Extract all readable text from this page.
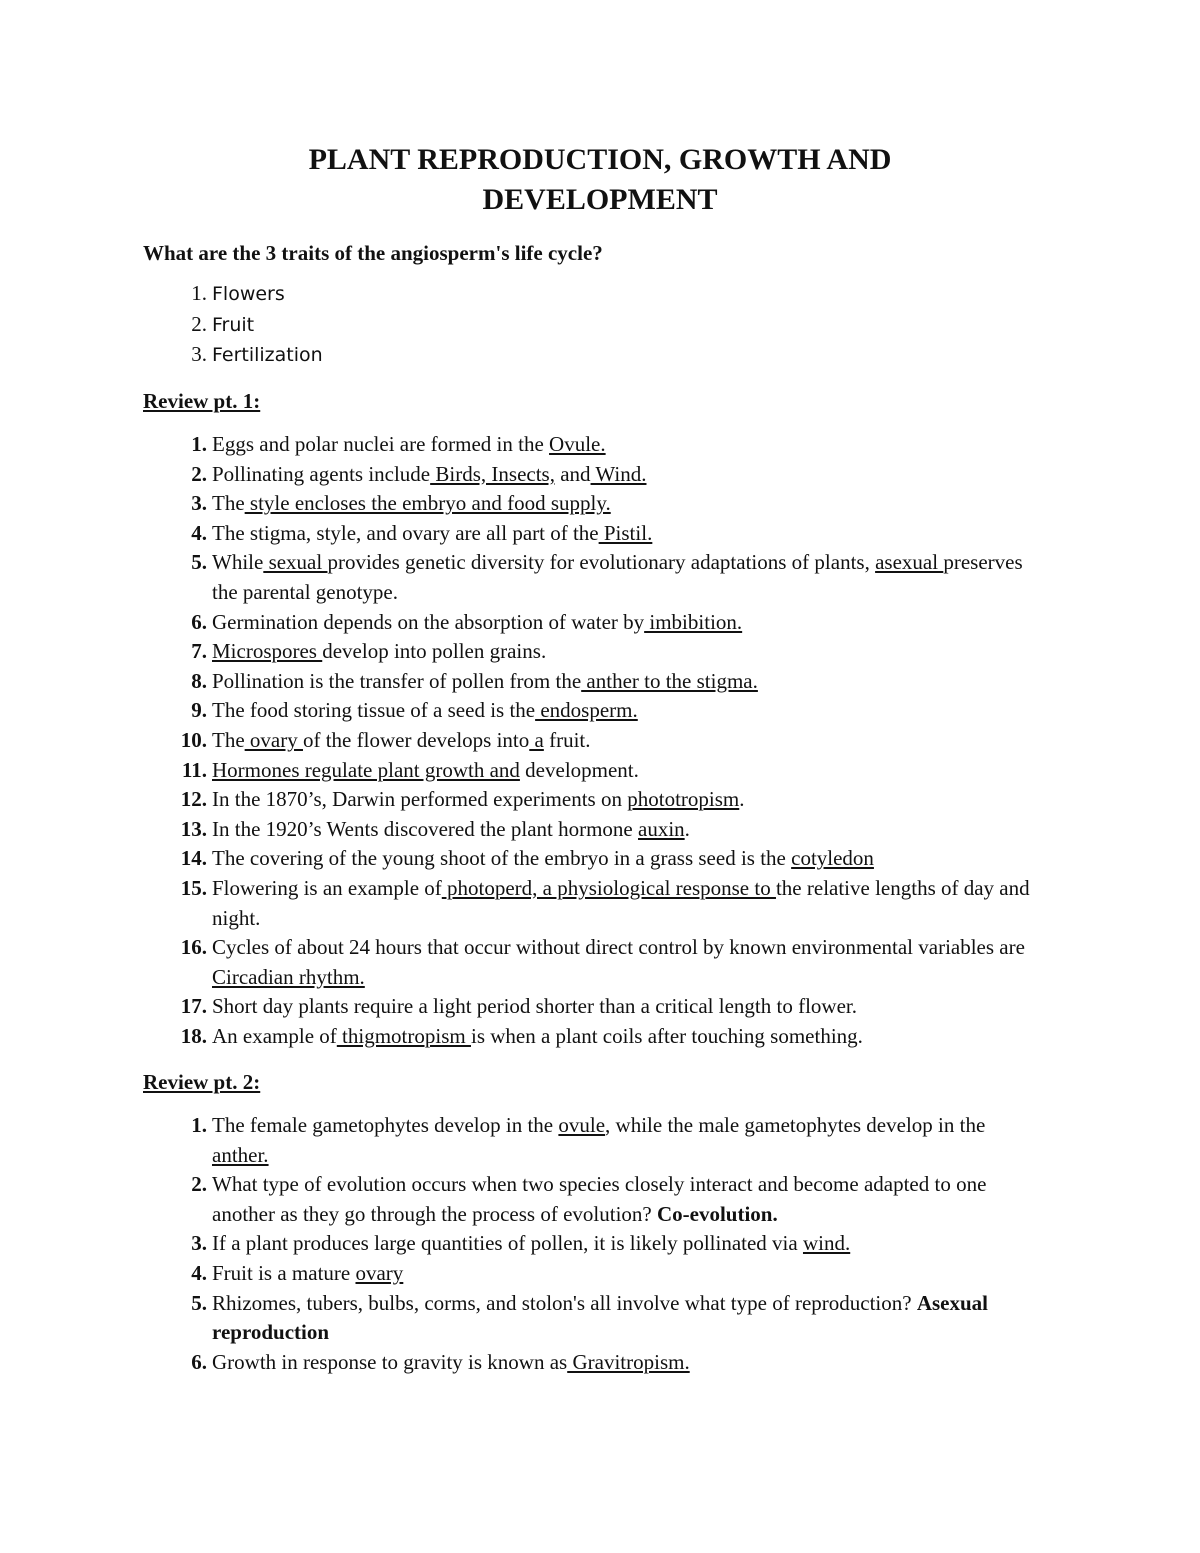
PLANT REPRODUCTION, GROWTH AND
DEVELOPMENT

What are the 3 traits of the angiosperm's life cycle?

1. Flowers
2. Fruit
3. Fertilization

Review pt. 1:

1. Eggs and polar nuclei are formed in the Ovule.
2. Pollinating agents include Birds, Insects, and Wind.
3. The style encloses the embryo and food supply.
4. The stigma, style, and ovary are all part of the Pistil.
5. While sexual provides genetic diversity for evolutionary adaptations of plants, asexual preserves the parental genotype.
6. Germination depends on the absorption of water by imbibition.
7. Microspores develop into pollen grains.
8. Pollination is the transfer of pollen from the anther to the stigma.
9. The food storing tissue of a seed is the endosperm.
10. The ovary of the flower develops into a fruit.
11. Hormones regulate plant growth and development.
12. In the 1870’s, Darwin performed experiments on phototropism.
13. In the 1920’s Wents discovered the plant hormone auxin.
14. The covering of the young shoot of the embryo in a grass seed is the cotyledon
15. Flowering is an example of photoperd, a physiological response to the relative lengths of day and night.
16. Cycles of about 24 hours that occur without direct control by known environmental variables are Circadian rhythm.
17. Short day plants require a light period shorter than a critical length to flower.
18. An example of thigmotropism is when a plant coils after touching something.

Review pt. 2:

1. The female gametophytes develop in the ovule, while the male gametophytes develop in the anther.
2. What type of evolution occurs when two species closely interact and become adapted to one another as they go through the process of evolution? Co-evolution.
3. If a plant produces large quantities of pollen, it is likely pollinated via wind.
4. Fruit is a mature ovary
5. Rhizomes, tubers, bulbs, corms, and stolon's all involve what type of reproduction? Asexual reproduction
6. Growth in response to gravity is known as Gravitropism.
